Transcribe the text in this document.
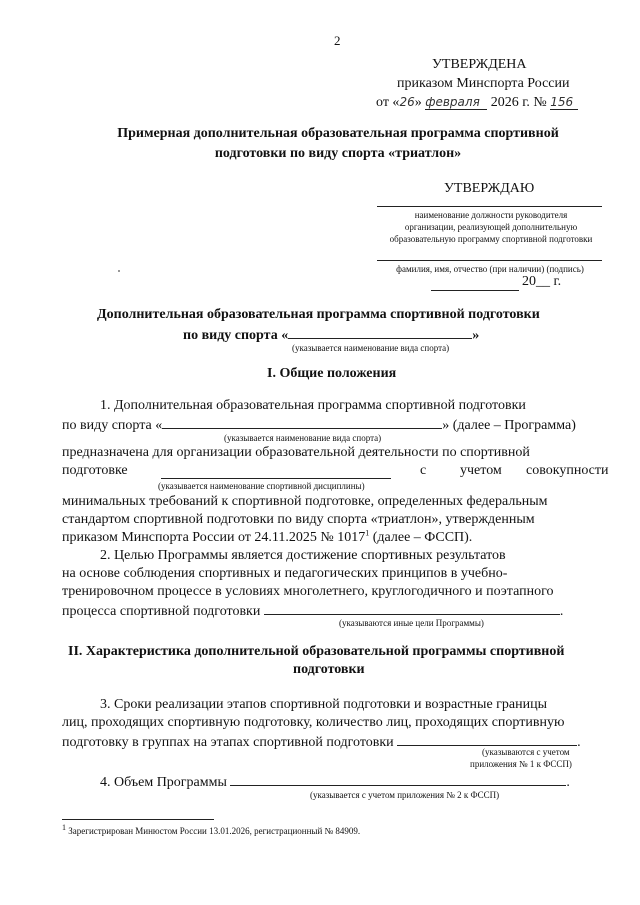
2
УТВЕРЖДЕНА
приказом Минспорта России
от «26» февраля 2026 г. № 156
Примерная дополнительная образовательная программа спортивной
подготовки по виду спорта «триатлон»
УТВЕРЖДАЮ
наименование должности руководителя
организации, реализующей дополнительную
образовательную программу спортивной подготовки
фамилия, имя, отчество (при наличии) (подпись)
20__ г.
Дополнительная образовательная программа спортивной подготовки
по виду спорта «	»
(указывается наименование вида спорта)
I. Общие положения
1. Дополнительная образовательная программа спортивной подготовки
по виду спорта «	» (далее – Программа)
(указывается наименование вида спорта)
предназначена для организации образовательной деятельности по спортивной
подготовке	с учетом совокупности
(указывается наименование спортивной дисциплины)
минимальных требований к спортивной подготовке, определенных федеральным
стандартом спортивной подготовки по виду спорта «триатлон», утвержденным
приказом Минспорта России от 24.11.2025 № 1017$^1$ (далее – ФССП).
2. Целью Программы является достижение спортивных результатов
на основе соблюдения спортивных и педагогических принципов в учебно-
тренировочном процессе в условиях многолетнего, круглогодичного и поэтапного
процесса спортивной подготовки	.
(указываются иные цели Программы)
II. Характеристика дополнительной образовательной программы спортивной
подготовки
3. Сроки реализации этапов спортивной подготовки и возрастные границы
лиц, проходящих спортивную подготовку, количество лиц, проходящих спортивную
подготовку в группах на этапах спортивной подготовки	.
(указываются с учетом
приложения № 1 к ФССП)
4. Объем Программы	.
(указывается с учетом приложения № 2 к ФССП)
1 Зарегистрирован Минюстом России 13.01.2026, регистрационный № 84909.
